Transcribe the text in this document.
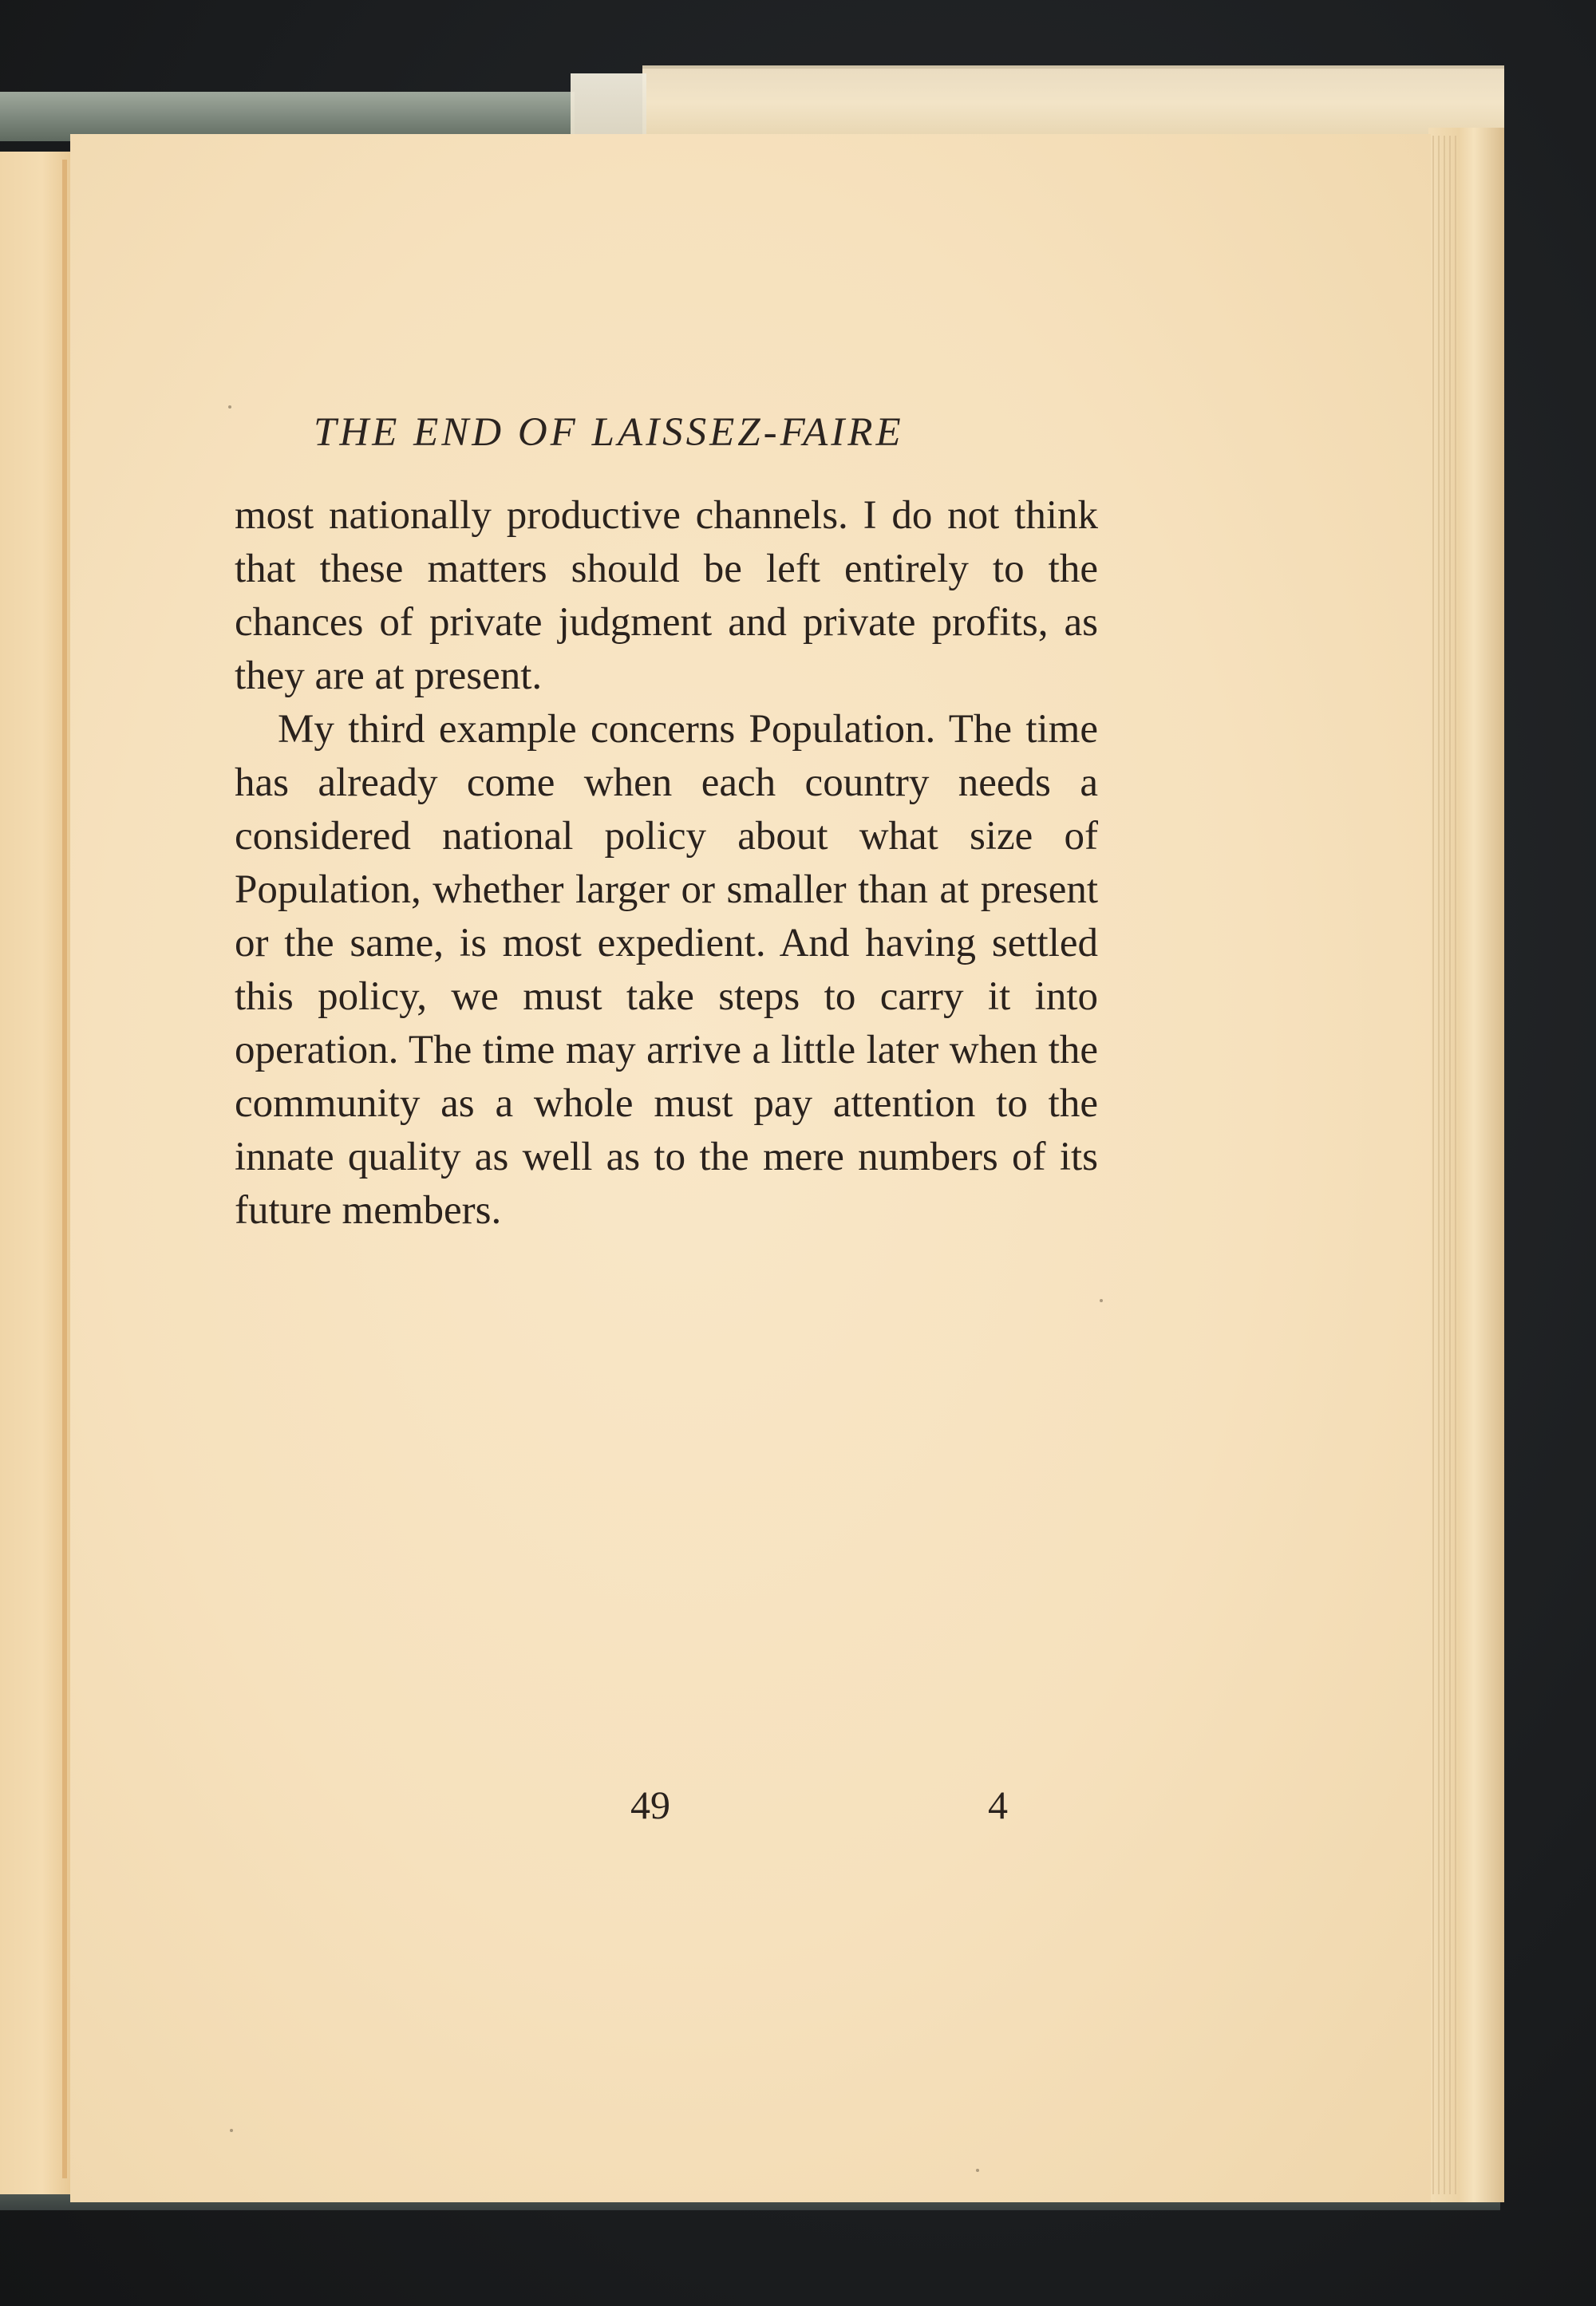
THE END OF LAISSEZ-FAIRE

most nationally productive channels. I do not think that these matters should be left entirely to the chances of private judgment and private profits, as they are at present.

My third example concerns Population. The time has already come when each country needs a considered national policy about what size of Population, whether larger or smaller than at present or the same, is most expedient. And having settled this policy, we must take steps to carry it into operation. The time may arrive a little later when the community as a whole must pay attention to the innate quality as well as to the mere numbers of its future members.

49	4
